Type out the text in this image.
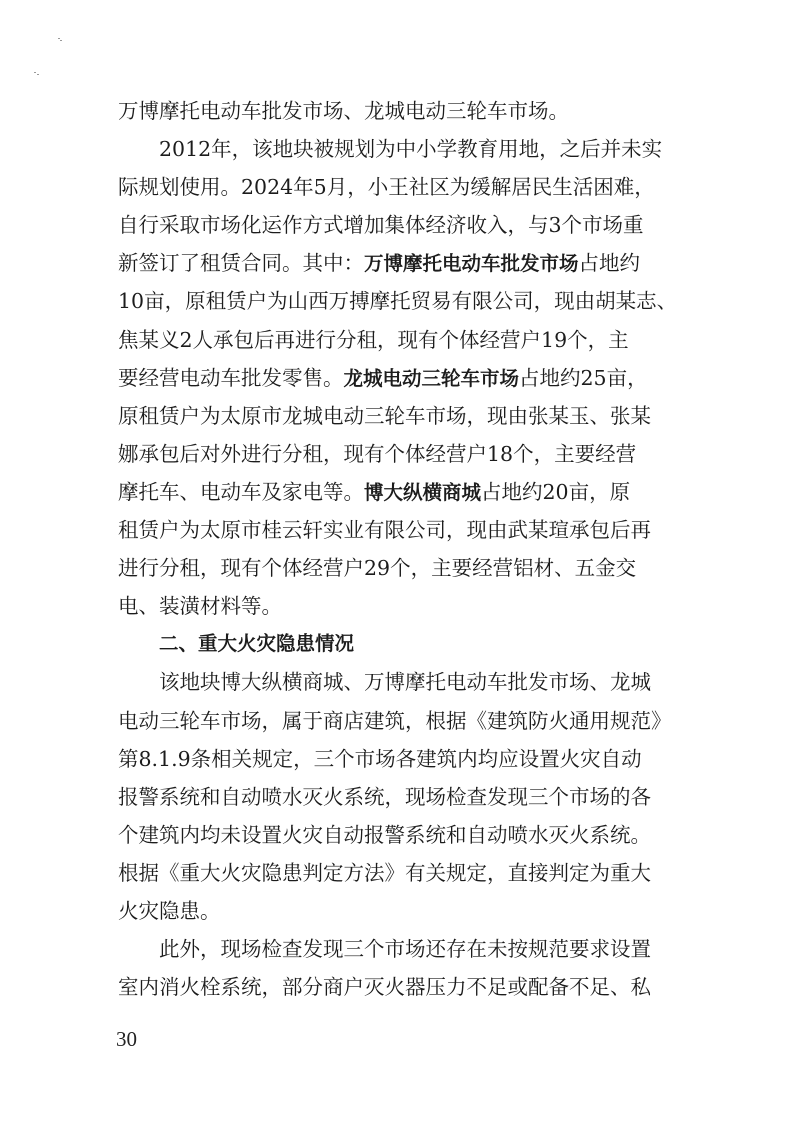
万博摩托电动车批发市场、龙城电动三轮车市场。
2012年，该地块被规划为中小学教育用地，之后并未实
际规划使用。2024年5月，小王社区为缓解居民生活困难，
自行采取市场化运作方式增加集体经济收入，与3个市场重
新签订了租赁合同。其中：万博摩托电动车批发市场占地约
10亩，原租赁户为山西万搏摩托贸易有限公司，现由胡某志、
焦某义2人承包后再进行分租，现有个体经营户19个，主
要经营电动车批发零售。龙城电动三轮车市场占地约25亩，
原租赁户为太原市龙城电动三轮车市场，现由张某玉、张某
娜承包后对外进行分租，现有个体经营户18个，主要经营
摩托车、电动车及家电等。博大纵横商城占地约20亩，原
租赁户为太原市桂云轩实业有限公司，现由武某瑄承包后再
进行分租，现有个体经营户29个，主要经营铝材、五金交
电、装潢材料等。
二、重大火灾隐患情况
该地块博大纵横商城、万博摩托电动车批发市场、龙城
电动三轮车市场，属于商店建筑，根据《建筑防火通用规范》
第8.1.9条相关规定，三个市场各建筑内均应设置火灾自动
报警系统和自动喷水灭火系统，现场检查发现三个市场的各
个建筑内均未设置火灾自动报警系统和自动喷水灭火系统。
根据《重大火灾隐患判定方法》有关规定，直接判定为重大
火灾隐患。
此外，现场检查发现三个市场还存在未按规范要求设置
室内消火栓系统，部分商户灭火器压力不足或配备不足、私
30
